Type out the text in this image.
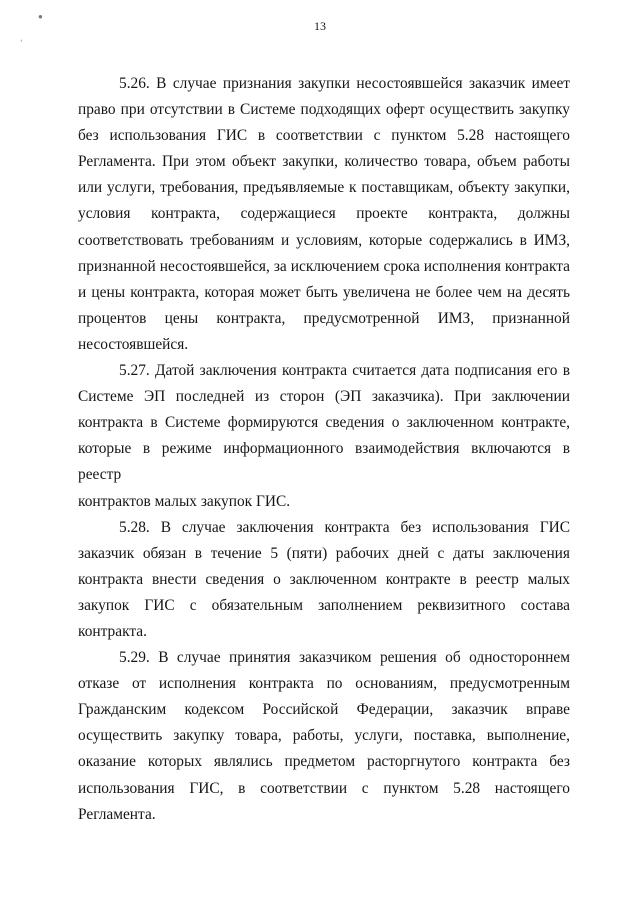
●
‘
13
5.26. В случае признания закупки несостоявшейся заказчик имеет
право при отсутствии в Системе подходящих оферт осуществить закупку
без использования ГИС в соответствии с пунктом 5.28 настоящего
Регламента. При этом объект закупки, количество товара, объем работы
или услуги, требования, предъявляемые к поставщикам, объекту закупки,
условия контракта, содержащиеся проекте контракта, должны
соответствовать требованиям и условиям, которые содержались в ИМЗ,
признанной несостоявшейся, за исключением срока исполнения контракта
и цены контракта, которая может быть увеличена не более чем на десять
процентов цены контракта, предусмотренной ИМЗ, признанной
несостоявшейся.
5.27. Датой заключения контракта считается дата подписания его в
Системе ЭП последней из сторон (ЭП заказчика). При заключении
контракта в Системе формируются сведения о заключенном контракте,
которые в режиме информационного взаимодействия включаются в реестр
контрактов малых закупок ГИС.
5.28. В случае заключения контракта без использования ГИС
заказчик обязан в течение 5 (пяти) рабочих дней с даты заключения
контракта внести сведения о заключенном контракте в реестр малых
закупок ГИС с обязательным заполнением реквизитного состава
контракта.
5.29. В случае принятия заказчиком решения об одностороннем
отказе от исполнения контракта по основаниям, предусмотренным
Гражданским кодексом Российской Федерации, заказчик вправе
осуществить закупку товара, работы, услуги, поставка, выполнение,
оказание которых являлись предметом расторгнутого контракта без
использования ГИС, в соответствии с пунктом 5.28 настоящего
Регламента.
